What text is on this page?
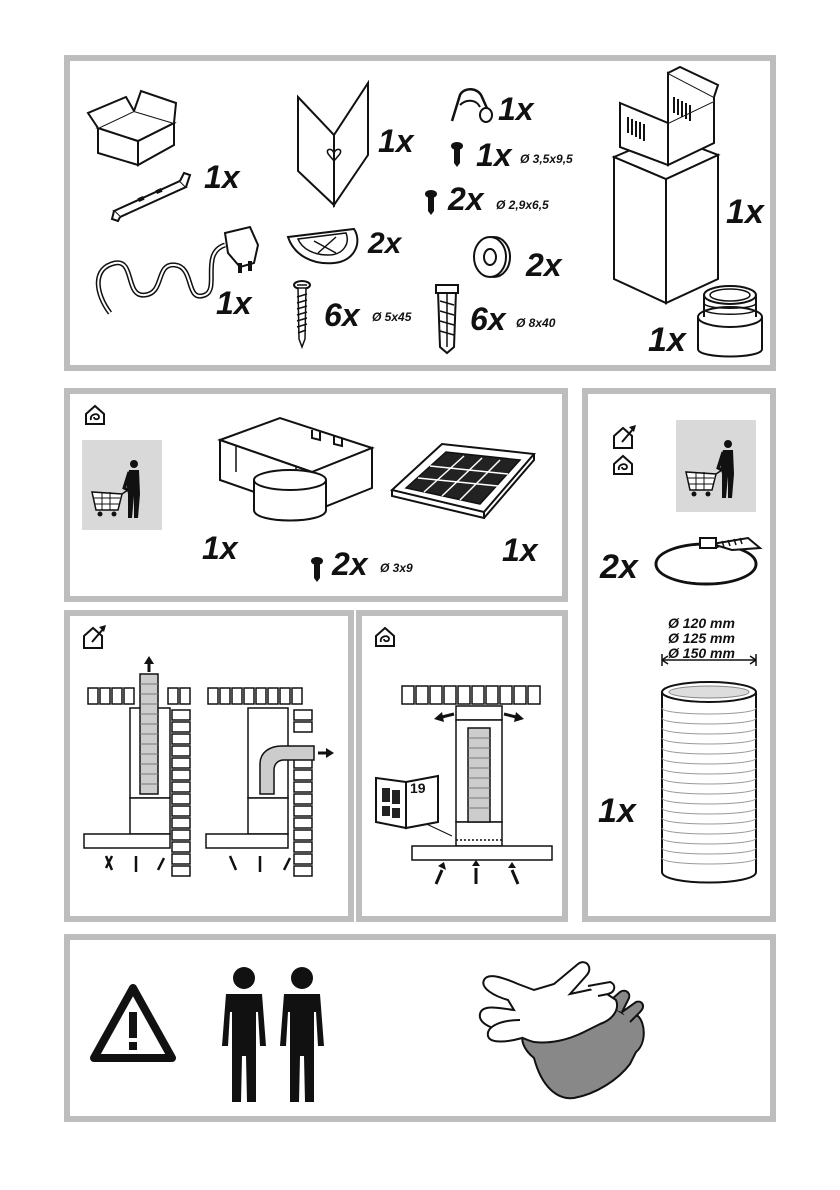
1x
1x
1x
2x
6x Ø 5x45
1x
1x Ø 3,5x9,5
2x Ø 2,9x6,5
2x
6x Ø 8x40
1x
1x
1x	2x Ø 3x9	1x 2x
Ø 120 mm
Ø 125 mm
Ø 150 mm
1x
19
